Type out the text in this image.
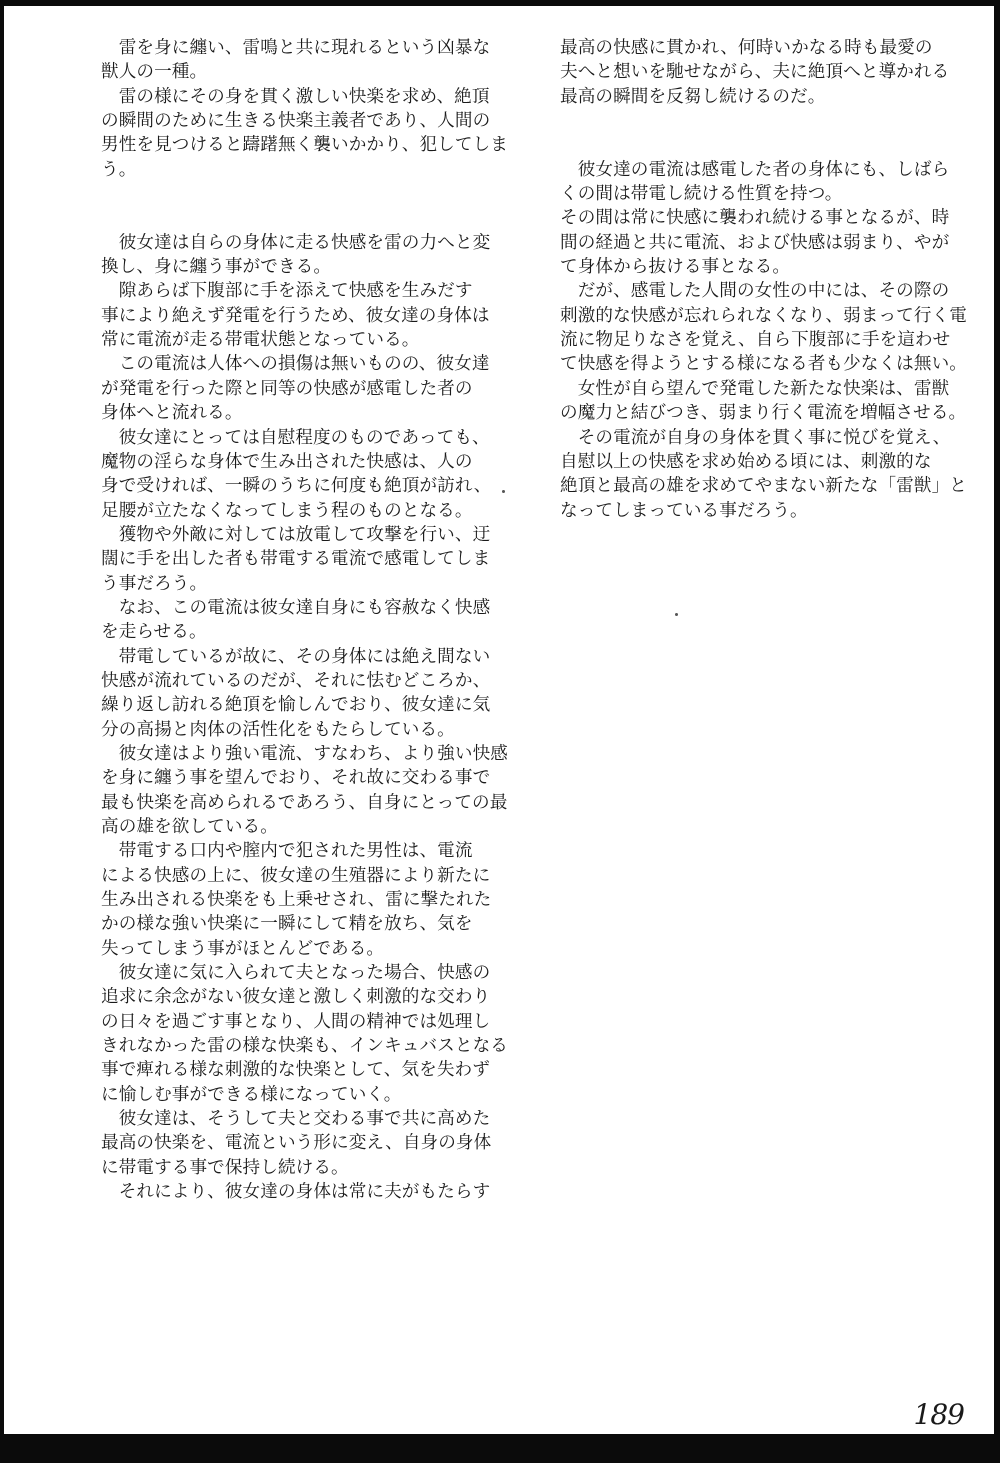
　雷を身に纏い、雷鳴と共に現れるという凶暴な
獣人の一種。
　雷の様にその身を貫く激しい快楽を求め、絶頂
の瞬間のために生きる快楽主義者であり、人間の
男性を見つけると躊躇無く襲いかかり、犯してしま
う。
　彼女達は自らの身体に走る快感を雷の力へと変
換し、身に纏う事ができる。
　隙あらば下腹部に手を添えて快感を生みだす
事により絶えず発電を行うため、彼女達の身体は
常に電流が走る帯電状態となっている。
　この電流は人体への損傷は無いものの、彼女達
が発電を行った際と同等の快感が感電した者の
身体へと流れる。
　彼女達にとっては自慰程度のものであっても、
魔物の淫らな身体で生み出された快感は、人の
身で受ければ、一瞬のうちに何度も絶頂が訪れ、
足腰が立たなくなってしまう程のものとなる。
　獲物や外敵に対しては放電して攻撃を行い、迂
闊に手を出した者も帯電する電流で感電してしま
う事だろう。
　なお、この電流は彼女達自身にも容赦なく快感
を走らせる。
　帯電しているが故に、その身体には絶え間ない
快感が流れているのだが、それに怯むどころか、
繰り返し訪れる絶頂を愉しんでおり、彼女達に気
分の高揚と肉体の活性化をもたらしている。
　彼女達はより強い電流、すなわち、より強い快感
を身に纏う事を望んでおり、それ故に交わる事で
最も快楽を高められるであろう、自身にとっての最
高の雄を欲している。
　帯電する口内や膣内で犯された男性は、電流
による快感の上に、彼女達の生殖器により新たに
生み出される快楽をも上乗せされ、雷に撃たれた
かの様な強い快楽に一瞬にして精を放ち、気を
失ってしまう事がほとんどである。
　彼女達に気に入られて夫となった場合、快感の
追求に余念がない彼女達と激しく刺激的な交わり
の日々を過ごす事となり、人間の精神では処理し
きれなかった雷の様な快楽も、インキュバスとなる
事で痺れる様な刺激的な快楽として、気を失わず
に愉しむ事ができる様になっていく。
　彼女達は、そうして夫と交わる事で共に高めた
最高の快楽を、電流という形に変え、自身の身体
に帯電する事で保持し続ける。
　それにより、彼女達の身体は常に夫がもたらす
最高の快感に貫かれ、何時いかなる時も最愛の
夫へと想いを馳せながら、夫に絶頂へと導かれる
最高の瞬間を反芻し続けるのだ。
　彼女達の電流は感電した者の身体にも、しばら
くの間は帯電し続ける性質を持つ。
その間は常に快感に襲われ続ける事となるが、時
間の経過と共に電流、および快感は弱まり、やが
て身体から抜ける事となる。
　だが、感電した人間の女性の中には、その際の
刺激的な快感が忘れられなくなり、弱まって行く電
流に物足りなさを覚え、自ら下腹部に手を這わせ
て快感を得ようとする様になる者も少なくは無い。
　女性が自ら望んで発電した新たな快楽は、雷獣
の魔力と結びつき、弱まり行く電流を増幅させる。
　その電流が自身の身体を貫く事に悦びを覚え、
自慰以上の快感を求め始める頃には、刺激的な
絶頂と最高の雄を求めてやまない新たな「雷獣」と
なってしまっている事だろう。
189
